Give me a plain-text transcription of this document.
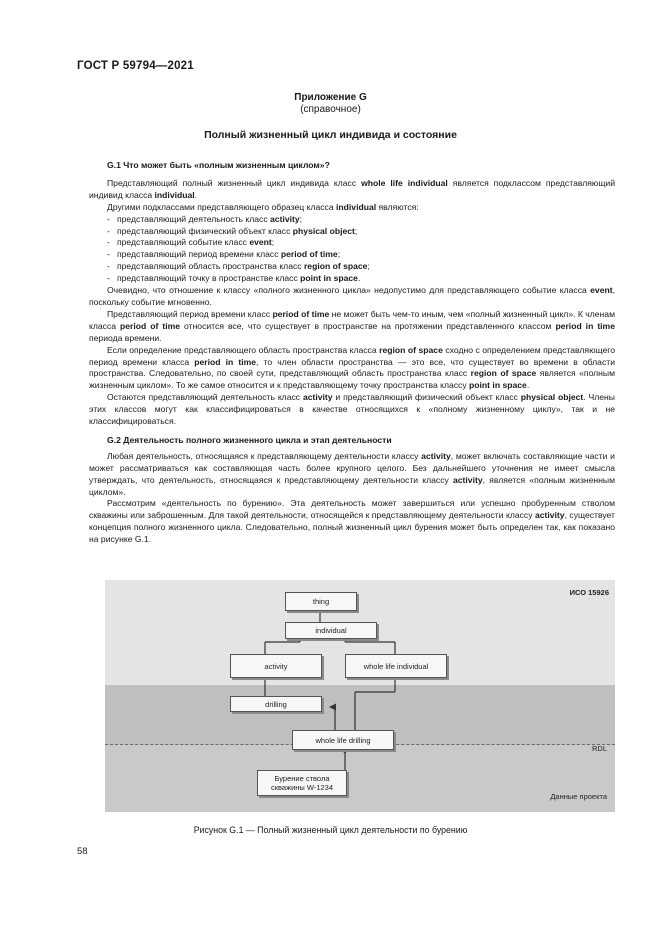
ГОСТ Р 59794—2021
Приложение G
(справочное)
Полный жизненный цикл индивида и состояние
G.1 Что может быть «полным жизненным циклом»?

Представляющий полный жизненный цикл индивида класс whole life individual является подклассом представляющий индивид класса individual.

Другими подклассами представляющего образец класса individual являются:

- представляющий деятельность класс activity;
- представляющий физический объект класс physical object;
- представляющий событие класс event;
- представляющий период времени класс period of time;
- представляющий область пространства класс region of space;
- представляющий точку в пространстве класс point in space.

Очевидно, что отношение к классу «полного жизненного цикла» недопустимо для представляющего событие класса event, поскольку событие мгновенно.

Представляющий период времени класс period of time не может быть чем-то иным, чем «полный жизненный цикл». К членам класса period of time относится все, что существует в пространстве на протяжении представленного классом period in time периода времени.

Если определение представляющего область пространства класса region of space сходно с определением представляющего период времени класса period in time, то член области пространства — это все, что существует во времени в области пространства. Следовательно, по своей сути, представляющий область пространства класс region of space является «полным жизненным циклом». То же самое относится и к представляющему точку пространства классу point in space.

Остаются представляющий деятельность класс activity и представляющий физический объект класс physical object. Члены этих классов могут как классифицироваться в качестве относящихся к «полному жизненному циклу», так и не классифицироваться.

G.2 Деятельность полного жизненного цикла и этап деятельности

Любая деятельность, относящаяся к представляющему деятельности классу activity, может включать составляющие части и может рассматриваться как составляющая часть более крупного целого. Без дальнейшего уточнения не имеет смысла утверждать, что деятельность, относящаяся к представляющему деятельности классу activity, является «полным жизненным циклом».

Рассмотрим «деятельность по бурению». Эта деятельность может завершиться или успешно пробуренным стволом скважины или заброшенным. Для такой деятельности, относящейся к представляющему деятельности классу activity, существует концепция полного жизненного цикла. Следовательно, полный жизненный цикл бурения может быть определен так, как показано на рисунке G.1.

thing
individual
activity	whole life individual
drilling
whole life drilling
Бурение ствола
скважины W-1234
ИСО 15926
RDL
Данные проекта
Рисунок G.1 — Полный жизненный цикл деятельности по бурению
58
